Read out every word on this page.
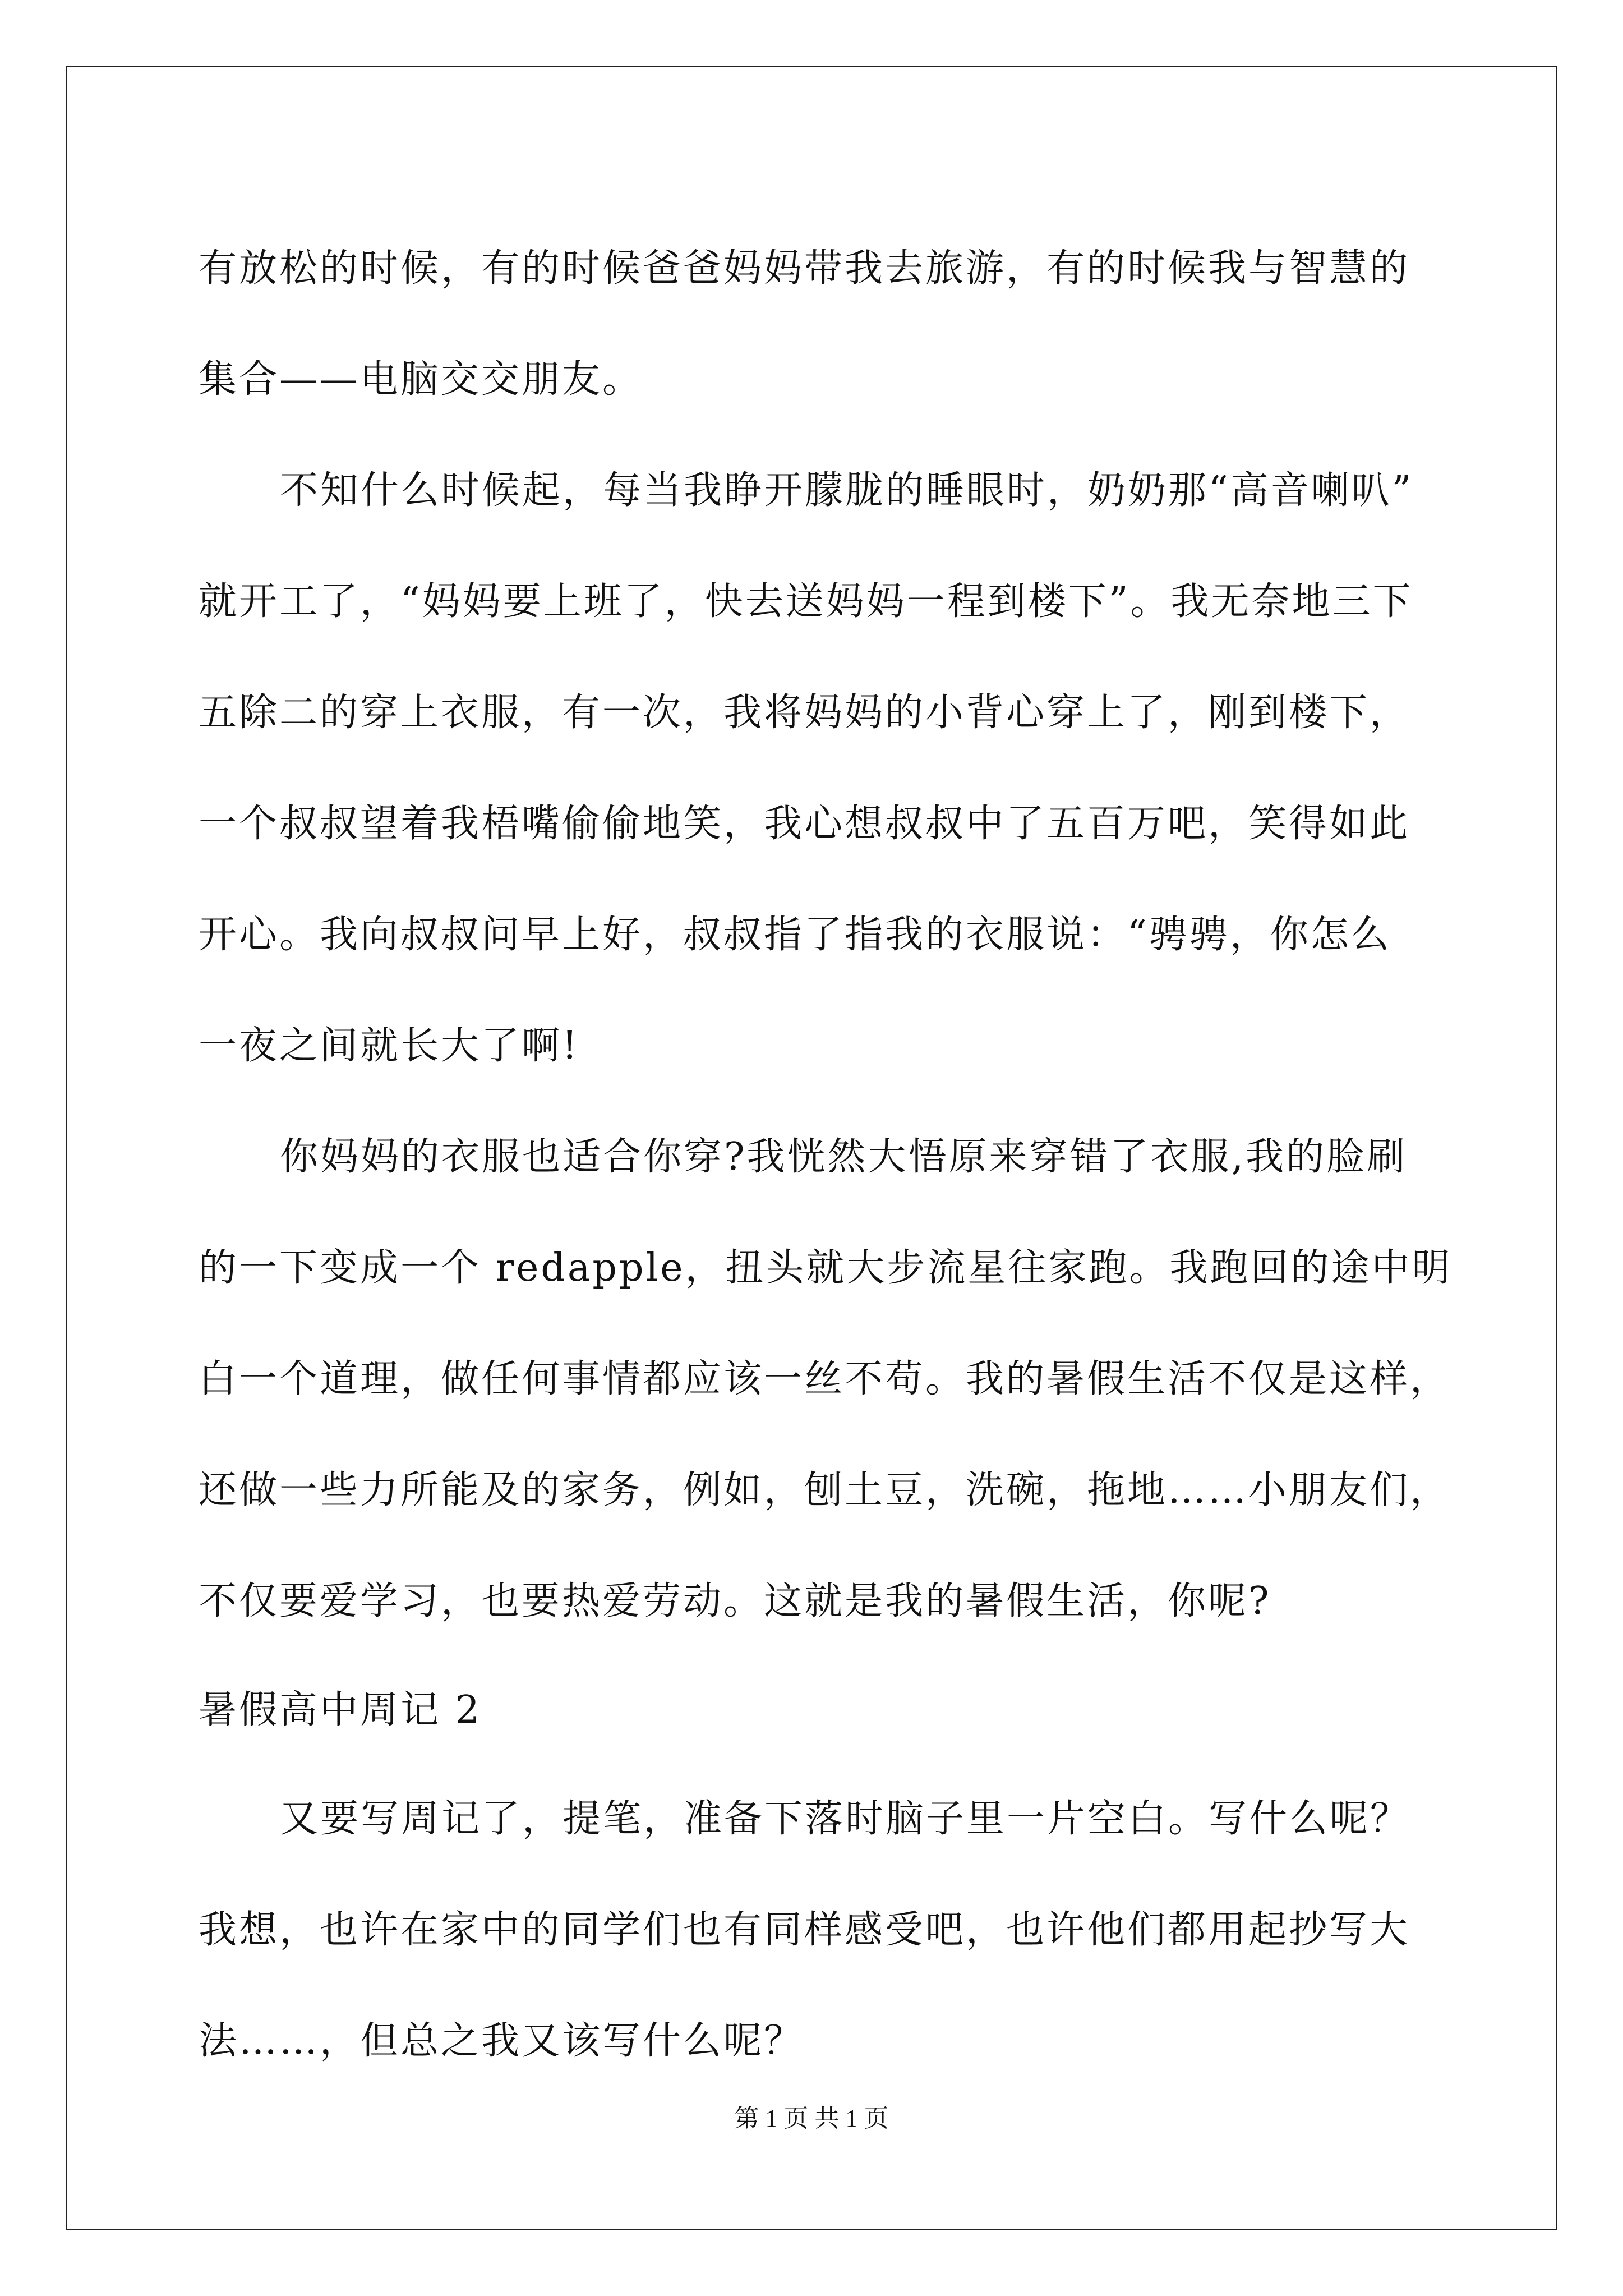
有放松的时候，有的时候爸爸妈妈带我去旅游，有的时候我与智慧的
集合——电脑交交朋友。
不知什么时候起，每当我睁开朦胧的睡眼时，奶奶那“高音喇叭”
就开工了，“妈妈要上班了，快去送妈妈一程到楼下”。我无奈地三下
五除二的穿上衣服，有一次，我将妈妈的小背心穿上了，刚到楼下，
一个叔叔望着我梧嘴偷偷地笑，我心想叔叔中了五百万吧，笑得如此
开心。我向叔叔问早上好，叔叔指了指我的衣服说：“骋骋，你怎么
一夜之间就长大了啊!
你妈妈的衣服也适合你穿?我恍然大悟原来穿错了衣服,我的脸刷
的一下变成一个 redapple，扭头就大步流星往家跑。我跑回的途中明
白一个道理，做任何事情都应该一丝不苟。我的暑假生活不仅是这样，
还做一些力所能及的家务，例如，刨土豆，洗碗，拖地……小朋友们，
不仅要爱学习，也要热爱劳动。这就是我的暑假生活，你呢?
暑假高中周记 2
又要写周记了，提笔，准备下落时脑子里一片空白。写什么呢？
我想，也许在家中的同学们也有同样感受吧，也许他们都用起抄写大
法……，但总之我又该写什么呢？
第 1 页 共 1 页
